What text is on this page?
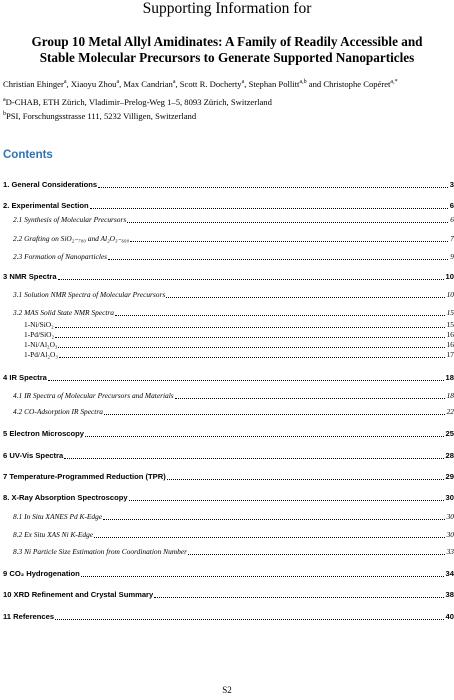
Supporting Information for
Group 10 Metal Allyl Amidinates: A Family of Readily Accessible and
Stable Molecular Precursors to Generate Supported Nanoparticles
Christian Ehinger$^a$, Xiaoyu Zhou$^a$, Max Candrian$^a$, Scott R. Docherty$^a$, Stephan Pollitt$^{a,b}$ and Christophe Copéret$^{a,*}$
$^a$D-CHAB, ETH Zürich, Vladimir–Prelog-Weg 1–5, 8093 Zürich, Switzerland
$^b$PSI, Forschungsstrasse 111, 5232 Villigen, Switzerland
Contents
1. General Considerations	3
2. Experimental Section	6
2.1 Synthesis of Molecular Precursors	6
2.2 Grafting on SiO₂₋₇₀₀ and Al₂O₃₋₆₀₀	7
2.3 Formation of Nanoparticles	9
3 NMR Spectra	10
3.1 Solution NMR Spectra of Molecular Precursors	10
3.2 MAS Solid State NMR Spectra	15
1-Ni/SiO₂	15
1-Pd/SiO₂	16
1-Ni/Al₂O₃	16
1-Pd/Al₂O₃	17
4 IR Spectra	18
4.1 IR Spectra of Molecular Precursors and Materials	18
4.2 CO-Adsorption IR Spectra	22
5 Electron Microscopy	25
6 UV-Vis Spectra	28
7 Temperature-Programmed Reduction (TPR)	29
8. X-Ray Absorption Spectroscopy	30
8.1 In Situ XANES Pd K-Edge	30
8.2 Ex Situ XAS Ni K-Edge	30
8.3 Ni Particle Size Estimation from Coordination Number	33
9 CO₂ Hydrogenation	34
10 XRD Refinement and Crystal Summary	38
11 References	40
S2
